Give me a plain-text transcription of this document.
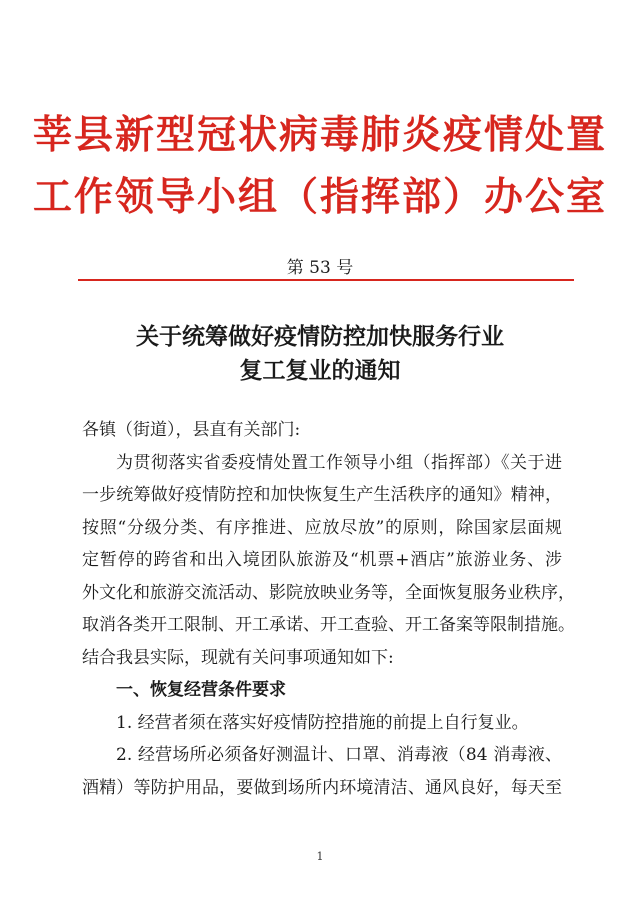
莘县新型冠状病毒肺炎疫情处置
工作领导小组（指挥部）办公室
第 53 号
关于统筹做好疫情防控加快服务行业
复工复业的通知
各镇（街道），县直有关部门:
为贯彻落实省委疫情处置工作领导小组（指挥部）《关于进
一步统筹做好疫情防控和加快恢复生产生活秩序的通知》精神，
按照“分级分类、有序推进、应放尽放”的原则，除国家层面规
定暂停的跨省和出入境团队旅游及“机票+酒店”旅游业务、涉
外文化和旅游交流活动、影院放映业务等，全面恢复服务业秩序，
取消各类开工限制、开工承诺、开工查验、开工备案等限制措施。
结合我县实际，现就有关问事项通知如下:
一、恢复经营条件要求
1. 经营者须在落实好疫情防控措施的前提上自行复业。
2. 经营场所必须备好测温计、口罩、消毒液（84 消毒液、
酒精）等防护用品，要做到场所内环境清洁、通风良好，每天至
1
